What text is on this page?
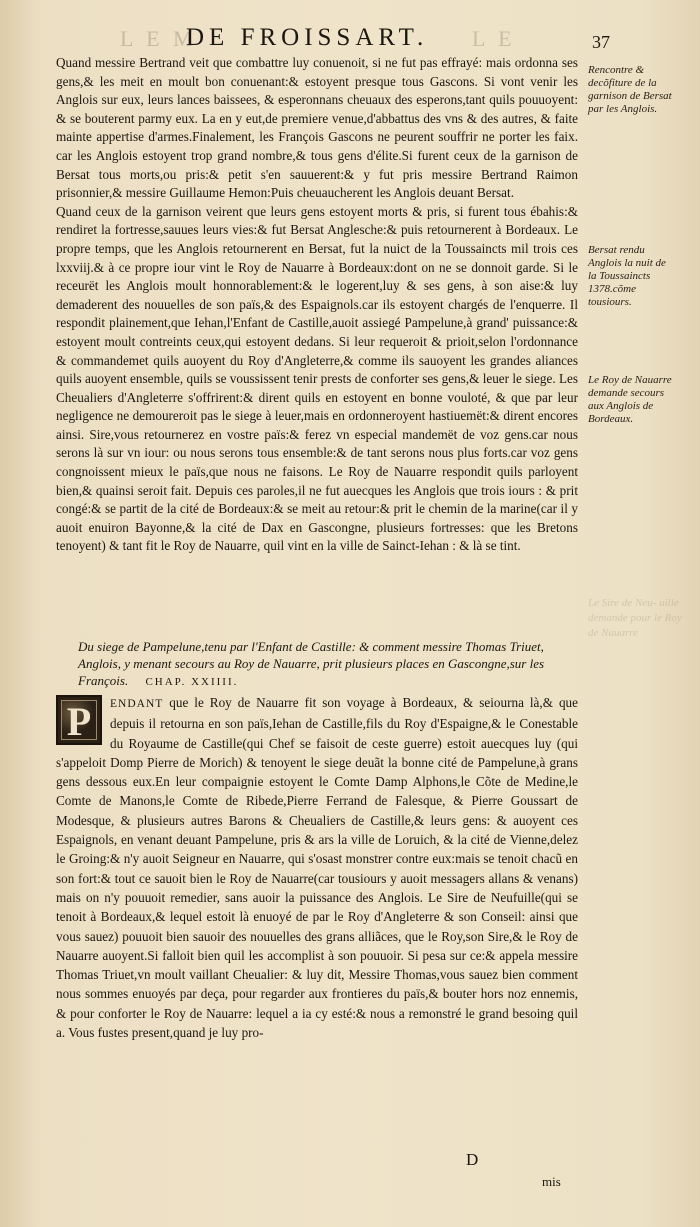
L E M
DE FROISSART. L E	37

Quand messire Bertrand veit que combattre luy conuenoit, si ne fut pas effrayé: mais ordonna ses gens,& les meit en moult bon conuenant:& estoyent presque tous Gascons. Si vont venir les Anglois sur eux, leurs lances baissees, & esperonnans cheuaux des esperons,tant quils pouuoyent: & se bouterent parmy eux. La en y eut,de premiere venue,d'abbattus des vns & des autres, & faite mainte appertise d'armes.Finalement, les François Gascons ne peurent souffrir ne porter les faix. car les Anglois estoyent trop grand nombre,& tous gens d'élite.Si furent ceux de la garnison de Bersat tous morts,ou pris:& petit s'en sauuerent:& y fut pris messire Bertrand Raimon prisonnier,& messire Guillaume Hemon:Puis cheuaucherent les Anglois deuant Bersat.

Quand ceux de la garnison veirent que leurs gens estoyent morts & pris, si furent tous ébahis:& rendiret la fortresse,sauues leurs vies:& fut Bersat Anglesche:& puis retournerent à Bordeaux. Le propre temps, que les Anglois retournerent en Bersat, fut la nuict de la Toussaincts mil trois ces lxxviij.& à ce propre iour vint le Roy de Nauarre à Bordeaux:dont on ne se donnoit garde. Si le receurët les Anglois moult honnorablement:& le logerent,luy & ses gens, à son aise:& luy demaderent des nouuelles de son païs,& des Espaignols.car ils estoyent chargés de l'enquerre. Il respondit plainement,que Iehan,l'Enfant de Castille,auoit assiegé Pampelune,à grand' puissance:& estoyent moult contreints ceux,qui estoyent dedans. Si leur requeroit & prioit,selon l'ordonnance & commandemet quils auoyent du Roy d'Angleterre,& comme ils sauoyent les grandes aliances quils auoyent ensemble, quils se voussissent tenir prests de conforter ses gens,& leuer le siege. Les Cheualiers d'Angleterre s'offrirent:& dirent quils en estoyent en bonne vouloté, & que par leur negligence ne demoureroit pas le siege à leuer,mais en ordonneroyent hastiuemët:& dirent encores ainsi. Sire,vous retournerez en vostre païs:& ferez vn especial mandemët de voz gens.car nous serons là sur vn iour: ou nous serons tous ensemble:& de tant serons nous plus forts.car voz gens congnoissent mieux le païs,que nous ne faisons. Le Roy de Nauarre respondit quils parloyent bien,& quainsi seroit fait. Depuis ces paroles,il ne fut auecques les Anglois que trois iours : & prit congé:& se partit de la cité de Bordeaux:& se meit au retour:& prit le chemin de la marine(car il y auoit enuiron Bayonne,& la cité de Dax en Gascongne, plusieurs fortresses: que les Bretons tenoyent) & tant fit le Roy de Nauarre, quil vint en la ville de Sainct-Iehan : & là se tint.

Rencontre & decõfiture de la garnison de Bersat par les Anglois.
Bersat rendu Anglois la nuit de la Toussaincts 1378.cõme tousiours.
Le Roy de Nauarre demande secours aux Anglois de Bordeaux.
Le Sire de Neu- uille demande pour le Roy de Nauarre
Du siege de Pampelune,tenu par l'Enfant de Castille: & comment messire Thomas Triuet, Anglois, y menant secours au Roy de Nauarre, prit plusieurs places en Gascongne,sur les François. CHAP. XXIIII.
P	ENDANT que le Roy de Nauarre fit son voyage à Bordeaux, & seiourna là,& que depuis il retourna en son païs,Iehan de Castille,fils du Roy d'Espaigne,& le Conestable du Royaume de Castille(qui Chef se faisoit de ceste guerre) estoit auecques luy (qui s'appeloit Domp Pierre de Morich) & tenoyent le siege deuãt la bonne cité de Pampelune,à grans gens dessous eux.En leur compaignie estoyent le Comte Damp Alphons,le Cõte de Medine,le Comte de Manons,le Comte de Ribede,Pierre Ferrand de Falesque, & Pierre Goussart de Modesque, & plusieurs autres Barons & Cheualiers de Castille,& leurs gens: & auoyent ces Espaignols, en venant deuant Pampelune, pris & ars la ville de Loruich, & la cité de Vienne,delez le Groing:& n'y auoit Seigneur en Nauarre, qui s'osast monstrer contre eux:mais se tenoit chacũ en son fort:& tout ce sauoit bien le Roy de Nauarre(car tousiours y auoit messagers allans & venans) mais on n'y pouuoit remedier, sans auoir la puissance des Anglois. Le Sire de Neufuille(qui se tenoit à Bordeaux,& lequel estoit là enuoyé de par le Roy d'Angleterre & son Conseil: ainsi que vous sauez) pouuoit bien sauoir des nouuelles des grans alliãces, que le Roy,son Sire,& le Roy de Nauarre auoyent.Si falloit bien quil les accomplist à son pouuoir. Si pesa sur ce:& appela messire Thomas Triuet,vn moult vaillant Cheualier: & luy dit, Messire Thomas,vous sauez bien comment nous sommes enuoyés par deça, pour regarder aux frontieres du païs,& bouter hors noz ennemis, & pour conforter le Roy de Nauarre: lequel a ia cy esté:& nous a remonstré le grand besoing quil a. Vous fustes present,quand je luy pro-
D
mis
